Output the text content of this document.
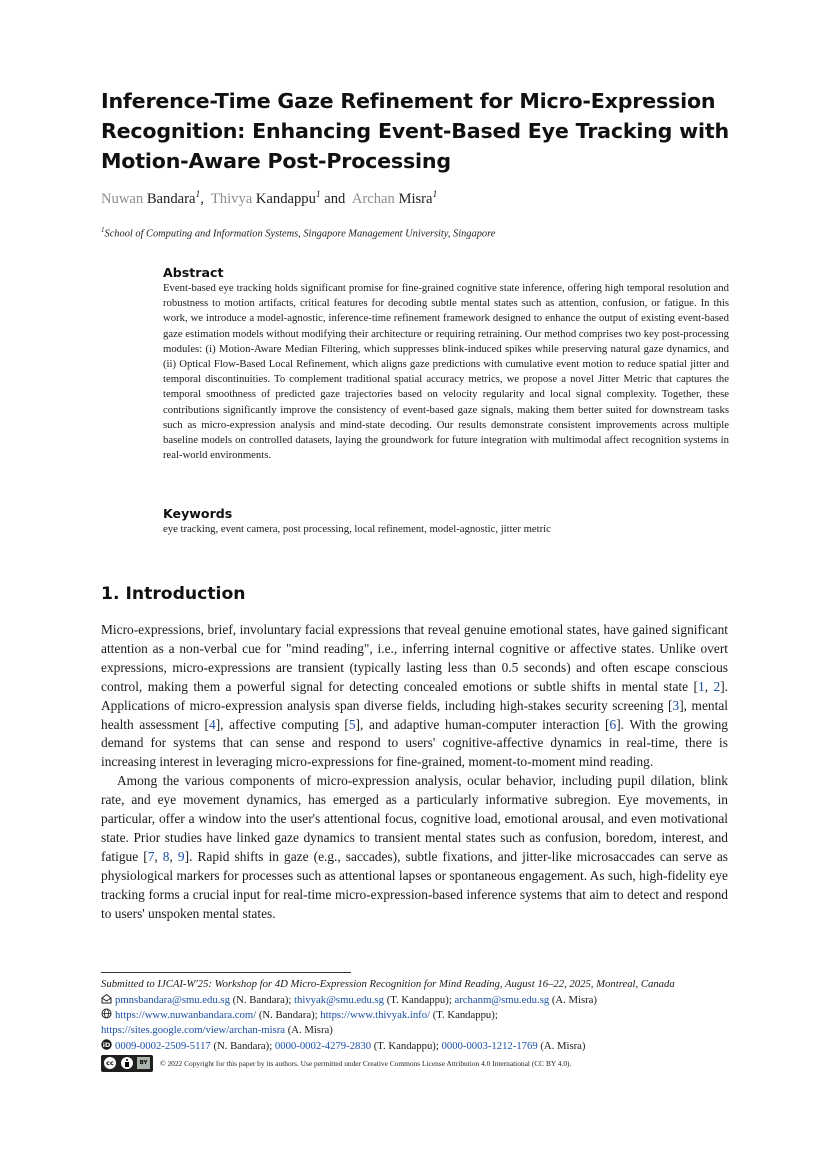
Inference-Time Gaze Refinement for Micro-Expression Recognition: Enhancing Event-Based Eye Tracking with Motion-Aware Post-Processing
Nuwan Bandara$^1$, Thivya Kandappu$^1$ and Archan Misra$^1$
$^1$School of Computing and Information Systems, Singapore Management University, Singapore
Abstract

Event-based eye tracking holds significant promise for fine-grained cognitive state inference, offering high temporal resolution and robustness to motion artifacts, critical features for decoding subtle mental states such as attention, confusion, or fatigue. In this work, we introduce a model-agnostic, inference-time refinement framework designed to enhance the output of existing event-based gaze estimation models without modifying their architecture or requiring retraining. Our method comprises two key post-processing modules: (i) Motion-Aware Median Filtering, which suppresses blink-induced spikes while preserving natural gaze dynamics, and (ii) Optical Flow-Based Local Refinement, which aligns gaze predictions with cumulative event motion to reduce spatial jitter and temporal discontinuities. To complement traditional spatial accuracy metrics, we propose a novel Jitter Metric that captures the temporal smoothness of predicted gaze trajectories based on velocity regularity and local signal complexity. Together, these contributions significantly improve the consistency of event-based gaze signals, making them better suited for downstream tasks such as micro-expression analysis and mind-state decoding. Our results demonstrate consistent improvements across multiple baseline models on controlled datasets, laying the groundwork for future integration with multimodal affect recognition systems in real-world environments.

Keywords

eye tracking, event camera, post processing, local refinement, model-agnostic, jitter metric

1. Introduction

Micro-expressions, brief, involuntary facial expressions that reveal genuine emotional states, have gained significant attention as a non-verbal cue for "mind reading", i.e., inferring internal cognitive or affective states. Unlike overt expressions, micro-expressions are transient (typically lasting less than 0.5 seconds) and often escape conscious control, making them a powerful signal for detecting concealed emotions or subtle shifts in mental state [1, 2]. Applications of micro-expression analysis span diverse fields, including high-stakes security screening [3], mental health assessment [4], affective computing [5], and adaptive human-computer interaction [6]. With the growing demand for systems that can sense and respond to users' cognitive-affective dynamics in real-time, there is increasing interest in leveraging micro-expressions for fine-grained, moment-to-moment mind reading.

Among the various components of micro-expression analysis, ocular behavior, including pupil dilation, blink rate, and eye movement dynamics, has emerged as a particularly informative subregion. Eye movements, in particular, offer a window into the user's attentional focus, cognitive load, emotional arousal, and even motivational state. Prior studies have linked gaze dynamics to transient mental states such as confusion, boredom, interest, and fatigue [7, 8, 9]. Rapid shifts in gaze (e.g., saccades), subtle fixations, and jitter-like microsaccades can serve as physiological markers for processes such as attentional lapses or spontaneous engagement. As such, high-fidelity eye tracking forms a crucial input for real-time micro-expression-based inference systems that aim to detect and respond to users' unspoken mental states.

Submitted to IJCAI-W'25: Workshop for 4D Micro-Expression Recognition for Mind Reading, August 16–22, 2025, Montreal, Canada
pmnsbandara@smu.edu.sg (N. Bandara); thivyak@smu.edu.sg (T. Kandappu); archanm@smu.edu.sg (A. Misra)
https://www.nuwanbandara.com/ (N. Bandara); https://www.thivyak.info/ (T. Kandappu);
https://sites.google.com/view/archan-misra (A. Misra)
iD 0009-0002-2509-5117 (N. Bandara); 0000-0002-4279-2830 (T. Kandappu); 0000-0003-1212-1769 (A. Misra)
cc	BY	© 2022 Copyright for this paper by its authors. Use permitted under Creative Commons License Attribution 4.0 International (CC BY 4.0).
